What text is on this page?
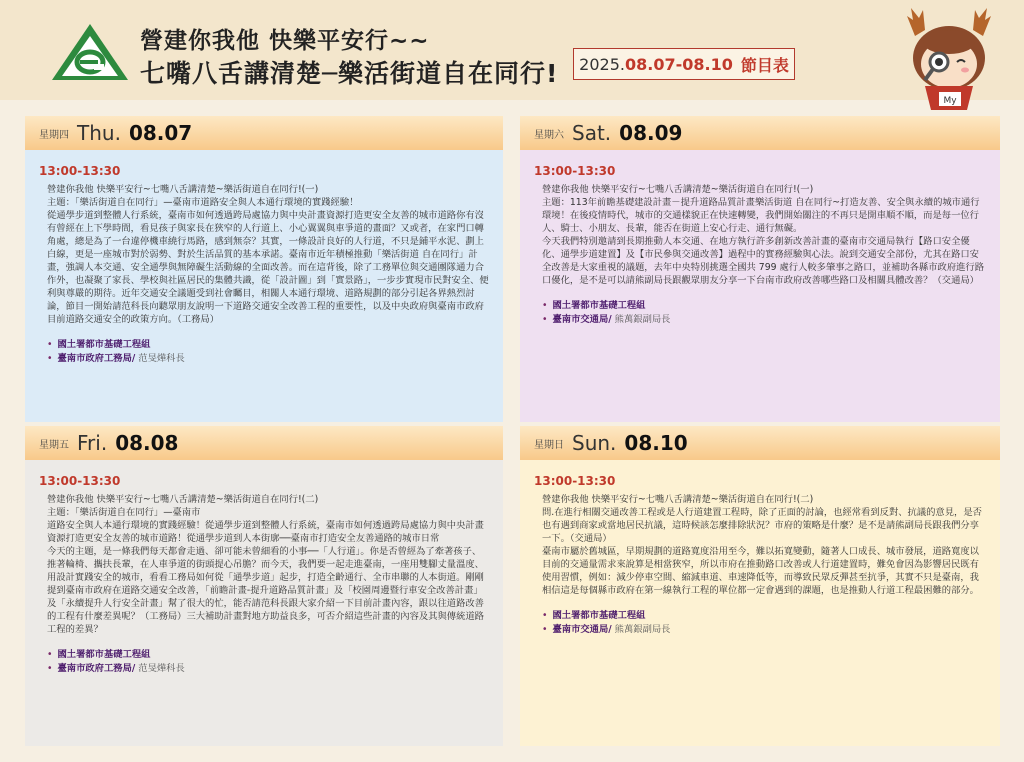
營建你我他 快樂平安行~~
七嘴八舌講清楚─樂活街道自在同行! 2025. 08.07-08.10 節目表
My
星期四 Thu. 08.07
13:00-13:30

營建你我他 快樂平安行~七嘴八舌講清楚~樂活街道自在同行!(一)

主題：「樂活街道自在同行」—臺南市道路安全與人本通行環境的實踐經驗！

從通學步道到整體人行系統，臺南市如何透過跨局處協力與中央計畫資源打造更安全友善的城市道路你有沒有曾經在上下學時間，看見孩子與家長在狹窄的人行道上、小心翼翼與車爭道的畫面？又或者，在家門口轉角處，總是為了一台違停機車繞行馬路，感到無奈？其實，一條設計良好的人行道，不只是鋪平水泥、劃上白線，更是一座城市對於弱勢、對於生活品質的基本承諾。臺南市近年積極推動「樂活街道 自在同行」計畫，強調人本交通、安全通學與無障礙生活動線的全面改善。而在這背後，除了工務單位與交通團隊通力合作外，也凝聚了家長、學校與社區居民的集體共識，從「設計圖」到「實景路」，一步步實現市民對安全、便利與尊嚴的期待。近年交通安全議題受到社會矚目，相關人本通行環境、道路規劃的部分引起各界熱烈討論，節目一開始請范科長向聽眾朋友說明一下道路交通安全改善工程的重要性，以及中央政府與臺南市政府目前道路交通安全的政策方向。（工務局）

• 國土署都市基礎工程組
• 臺南市政府工務局/ 范旻燁科長
星期六 Sat. 08.09
13:00-13:30

營建你我他 快樂平安行~七嘴八舌講清楚~樂活街道自在同行!(一)

主題：113年前瞻基礎建設計畫－提升道路品質計畫樂活街道 自在同行~打造友善、安全與永續的城市通行環境！在後疫情時代，城市的交通樣貌正在快速轉變，我們開始關注的不再只是開車順不順，而是每一位行人、騎士、小朋友、長輩，能否在街道上安心行走、通行無礙。

今天我們特別邀請到長期推動人本交通、在地方執行許多創新改善計畫的臺南市交通局執行【路口安全優化、通學步道建置】及【市民參與交通改善】過程中的實務經驗與心法。說到交通安全部份，尤其在路口安全改善是大家重視的議題，去年中央特別挑選全國共 799 處行人較多肇事之路口，並補助各縣市政府進行路口優化，是不是可以請熊副局長跟觀眾朋友分享一下台南市政府改善哪些路口及相關具體改善？（交通局）

• 國土署都市基礎工程組
• 臺南市交通局/ 熊萬銀副局長
星期五 Fri. 08.08
13:00-13:30

營建你我他 快樂平安行~七嘴八舌講清楚~樂活街道自在同行!(二)

主題：「樂活街道自在同行」—臺南市

道路安全與人本通行環境的實踐經驗！從通學步道到整體人行系統，臺南市如何透過跨局處協力與中央計畫資源打造更安全友善的城市道路！從通學步道到人本街廓──臺南市打造安全友善通路的城市日常

今天的主題，是一條我們每天都會走過、卻可能未曾細看的小事──「人行道」。你是否曾經為了牽著孩子、推著輪椅、攜扶長輩，在人車爭道的街頭提心吊膽？而今天，我們要一起走進臺南，一座用雙腳丈量溫度、用設計實踐安全的城市，看看工務局如何從「通學步道」起步，打造全齡通行、全市串聯的人本街道。剛剛提到臺南市政府在道路交通安全改善，「前瞻計畫-提升道路品質計畫」及「校園周邊暨行車安全改善計畫」及「永續提升人行安全計畫」幫了很大的忙，能否請范科長跟大家介紹一下目前計畫內容，跟以往道路改善的工程有什麼差異呢？（工務局）三大補助計畫對地方助益良多，可否介紹這些計畫的內容及其與傳統道路工程的差異？

• 國土署都市基礎工程組
• 臺南市政府工務局/ 范旻燁科長
星期日 Sun. 08.10
13:00-13:30

營建你我他 快樂平安行~七嘴八舌講清楚~樂活街道自在同行!(二)

問.在進行相關交通改善工程或是人行道建置工程時，除了正面的討論，也經常看到反對、抗議的意見，是否也有遇到商家或當地居民抗議，這時候該怎麼排除狀況？市府的策略是什麼？是不是請熊副局長跟我們分享一下。（交通局）

臺南市屬於舊城區，早期規劃的道路寬度沿用至今，難以拓寬變動，隨著人口成長、城市發展，道路寬度以目前的交通量需求來說算是相當狹窄，所以市府在推動路口改善或人行道建置時，難免會因為影響居民既有使用習慣，例如：減少停車空間、縮減車道、車速降低等，而導致民眾反彈甚至抗爭，其實不只是臺南，我相信這是每個縣市政府在第一線執行工程的單位都一定會遇到的課題，也是推動人行道工程最困難的部分。

• 國土署都市基礎工程組
• 臺南市交通局/ 熊萬銀副局長
